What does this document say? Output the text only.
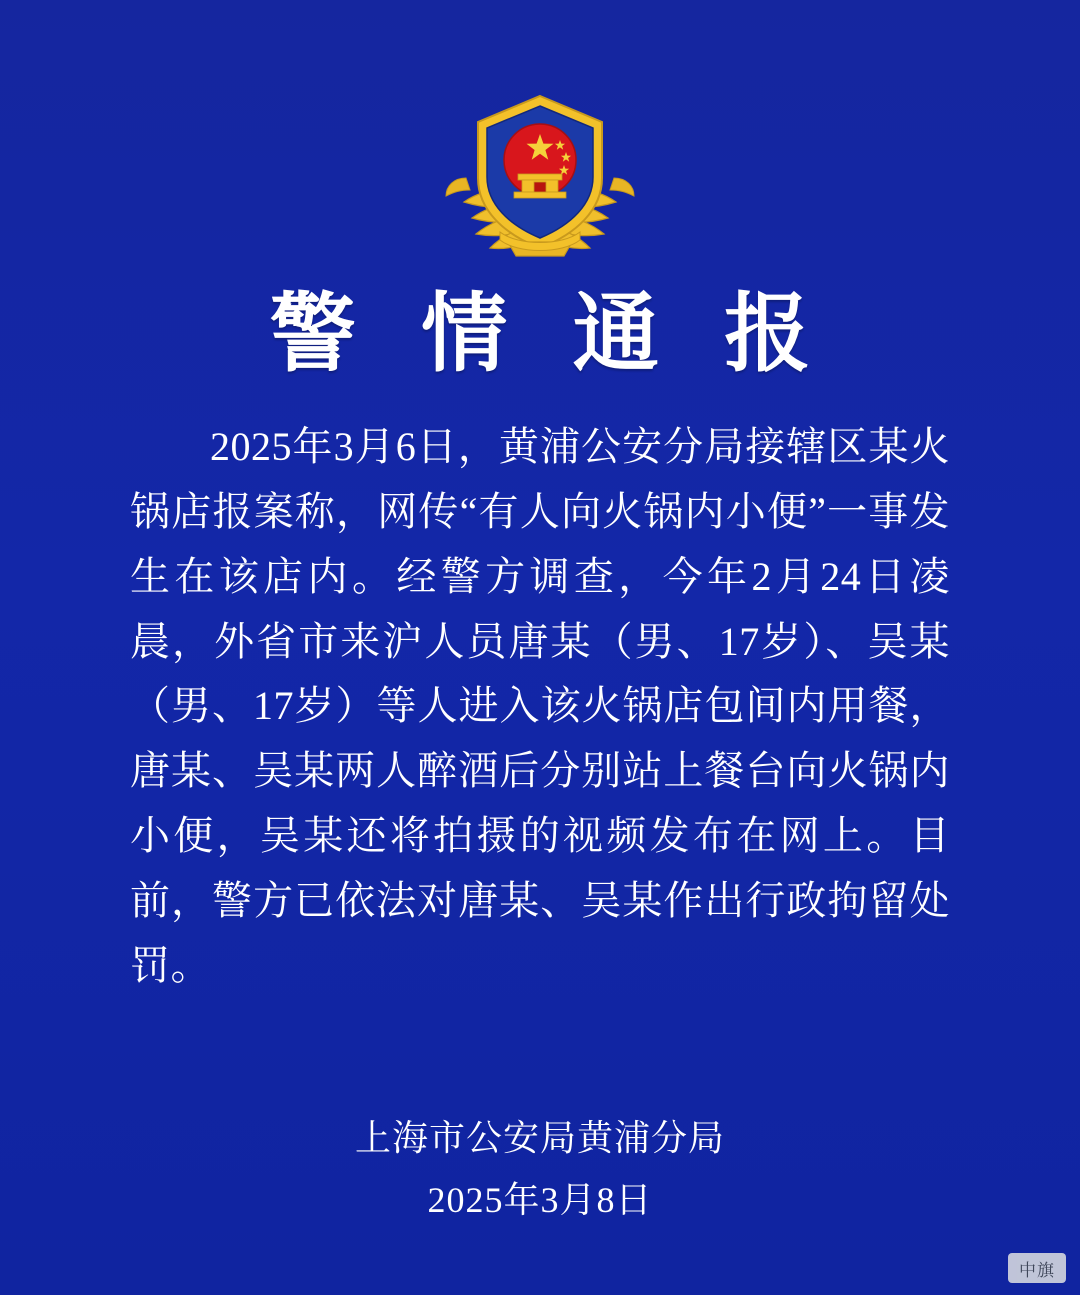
警 情 通 报
2025年3月6日，黄浦公安分局接辖区某火锅店报案称，网传“有人向火锅内小便”一事发生在该店内。经警方调查，今年2月24日凌晨，外省市来沪人员唐某（男、17岁）、吴某（男、17岁）等人进入该火锅店包间内用餐，唐某、吴某两人醉酒后分别站上餐台向火锅内小便，吴某还将拍摄的视频发布在网上。目前，警方已依法对唐某、吴某作出行政拘留处罚。
上海市公安局黄浦分局
2025年3月8日
中旗
